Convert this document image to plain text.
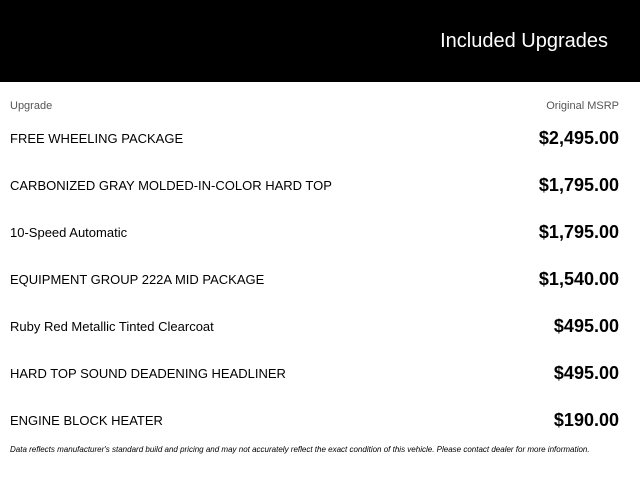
Included Upgrades
Upgrade	Original MSRP
FREE WHEELING PACKAGE	$2,495.00
CARBONIZED GRAY MOLDED-IN-COLOR HARD TOP	$1,795.00
10-Speed Automatic	$1,795.00
EQUIPMENT GROUP 222A MID PACKAGE	$1,540.00
Ruby Red Metallic Tinted Clearcoat	$495.00
HARD TOP SOUND DEADENING HEADLINER	$495.00
ENGINE BLOCK HEATER	$190.00
Data reflects manufacturer's standard build and pricing and may not accurately reflect the exact condition of this vehicle. Please contact dealer for more information.
